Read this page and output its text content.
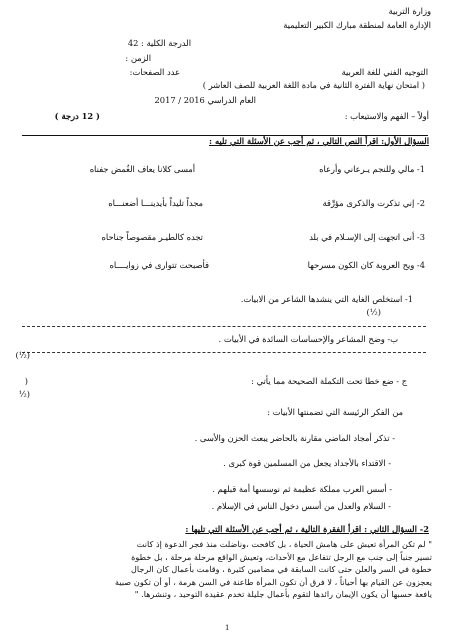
وزارة التربية
الإدارة العامة لمنطقة مبارك الكبير التعليمية
الدرجة الكلية : 42
الزمن :
التوجيه الفني للغة العربية
عدد الصفحات:
( امتحان نهاية الفترة الثانية في مادة اللغة العربية للصف العاشر )
العام الدراسي 2016 / 2017
أولاً – الفهم والاستيعاب :
( 12 درجة )
السؤال الأول: اقرأ النص التالي ، ثم أجب عن الأسئلة التي تليه :
1- مالي وللنجم يـرعاني وأرعاه
أمسى كلانا يعاف الغُمض جفناه
2- إني تذكرت والذكرى مؤرِّقة
مجداً تليداً بأيدينـــا أضعنـــاه
3- أنى اتجهت إلى الإسـلام في بلد
تجده كالطيـر مقصوصاً جناحاه
4- ويح العروبة كان الكون مسرحها
فأصبحت تتوارى في زوايــــاه
1- استخلص الغاية التي ينشدها الشاعر من الابيات.
(½)
ب- وضح المشاعر والإحساسات السائدة في الأبيات .
(½)
ج - ضع خطا تحت التكملة الصحيحة مما يأتي :
(
(½
من الفكر الرئيسة التي تضمنتها الأبيات :
- تذكر أمجاد الماضي مقارنة بالحاضر يبعث الحزن والأسى .
- الاقتداء بالأجداد يجعل من المسلمين قوة كبرى .
- أسس العرب مملكة عظيمة ثم نوسسها أمة قبلهم .
- السلام والعدل من أسس دخول الناس في الإسلام .
2- السؤال الثاني : اقرأ الفقرة التالية ، ثم أجب عن الأسئلة التي تليها :
" لم تكن المرأة تعيش على هامش الحياة ، بل كافحت ،وناضلت منذ فجر الدعوة إذ كانت
تسير جنباً إلى جنب مع الرجل تتفاعل مع الأحداث، وتعيش الواقع مرحلة مرحلة ، بل خطوة
خطوة في السر والعلن حتى كانت السابقة في مضامين كثيرة ، وقامت بأعمال كان الرجال
يعجزون عن القيام بها أحياناً ، لا فرق أن تكون المرأة طاعنة في السن هرمة ، أو أن تكون صبية
يافعة حسبها أن يكون الإيمان رائدها لتقوم بأعمال جليلة تخدم عقيدة التوحيد ، وتنشرها. "
1
